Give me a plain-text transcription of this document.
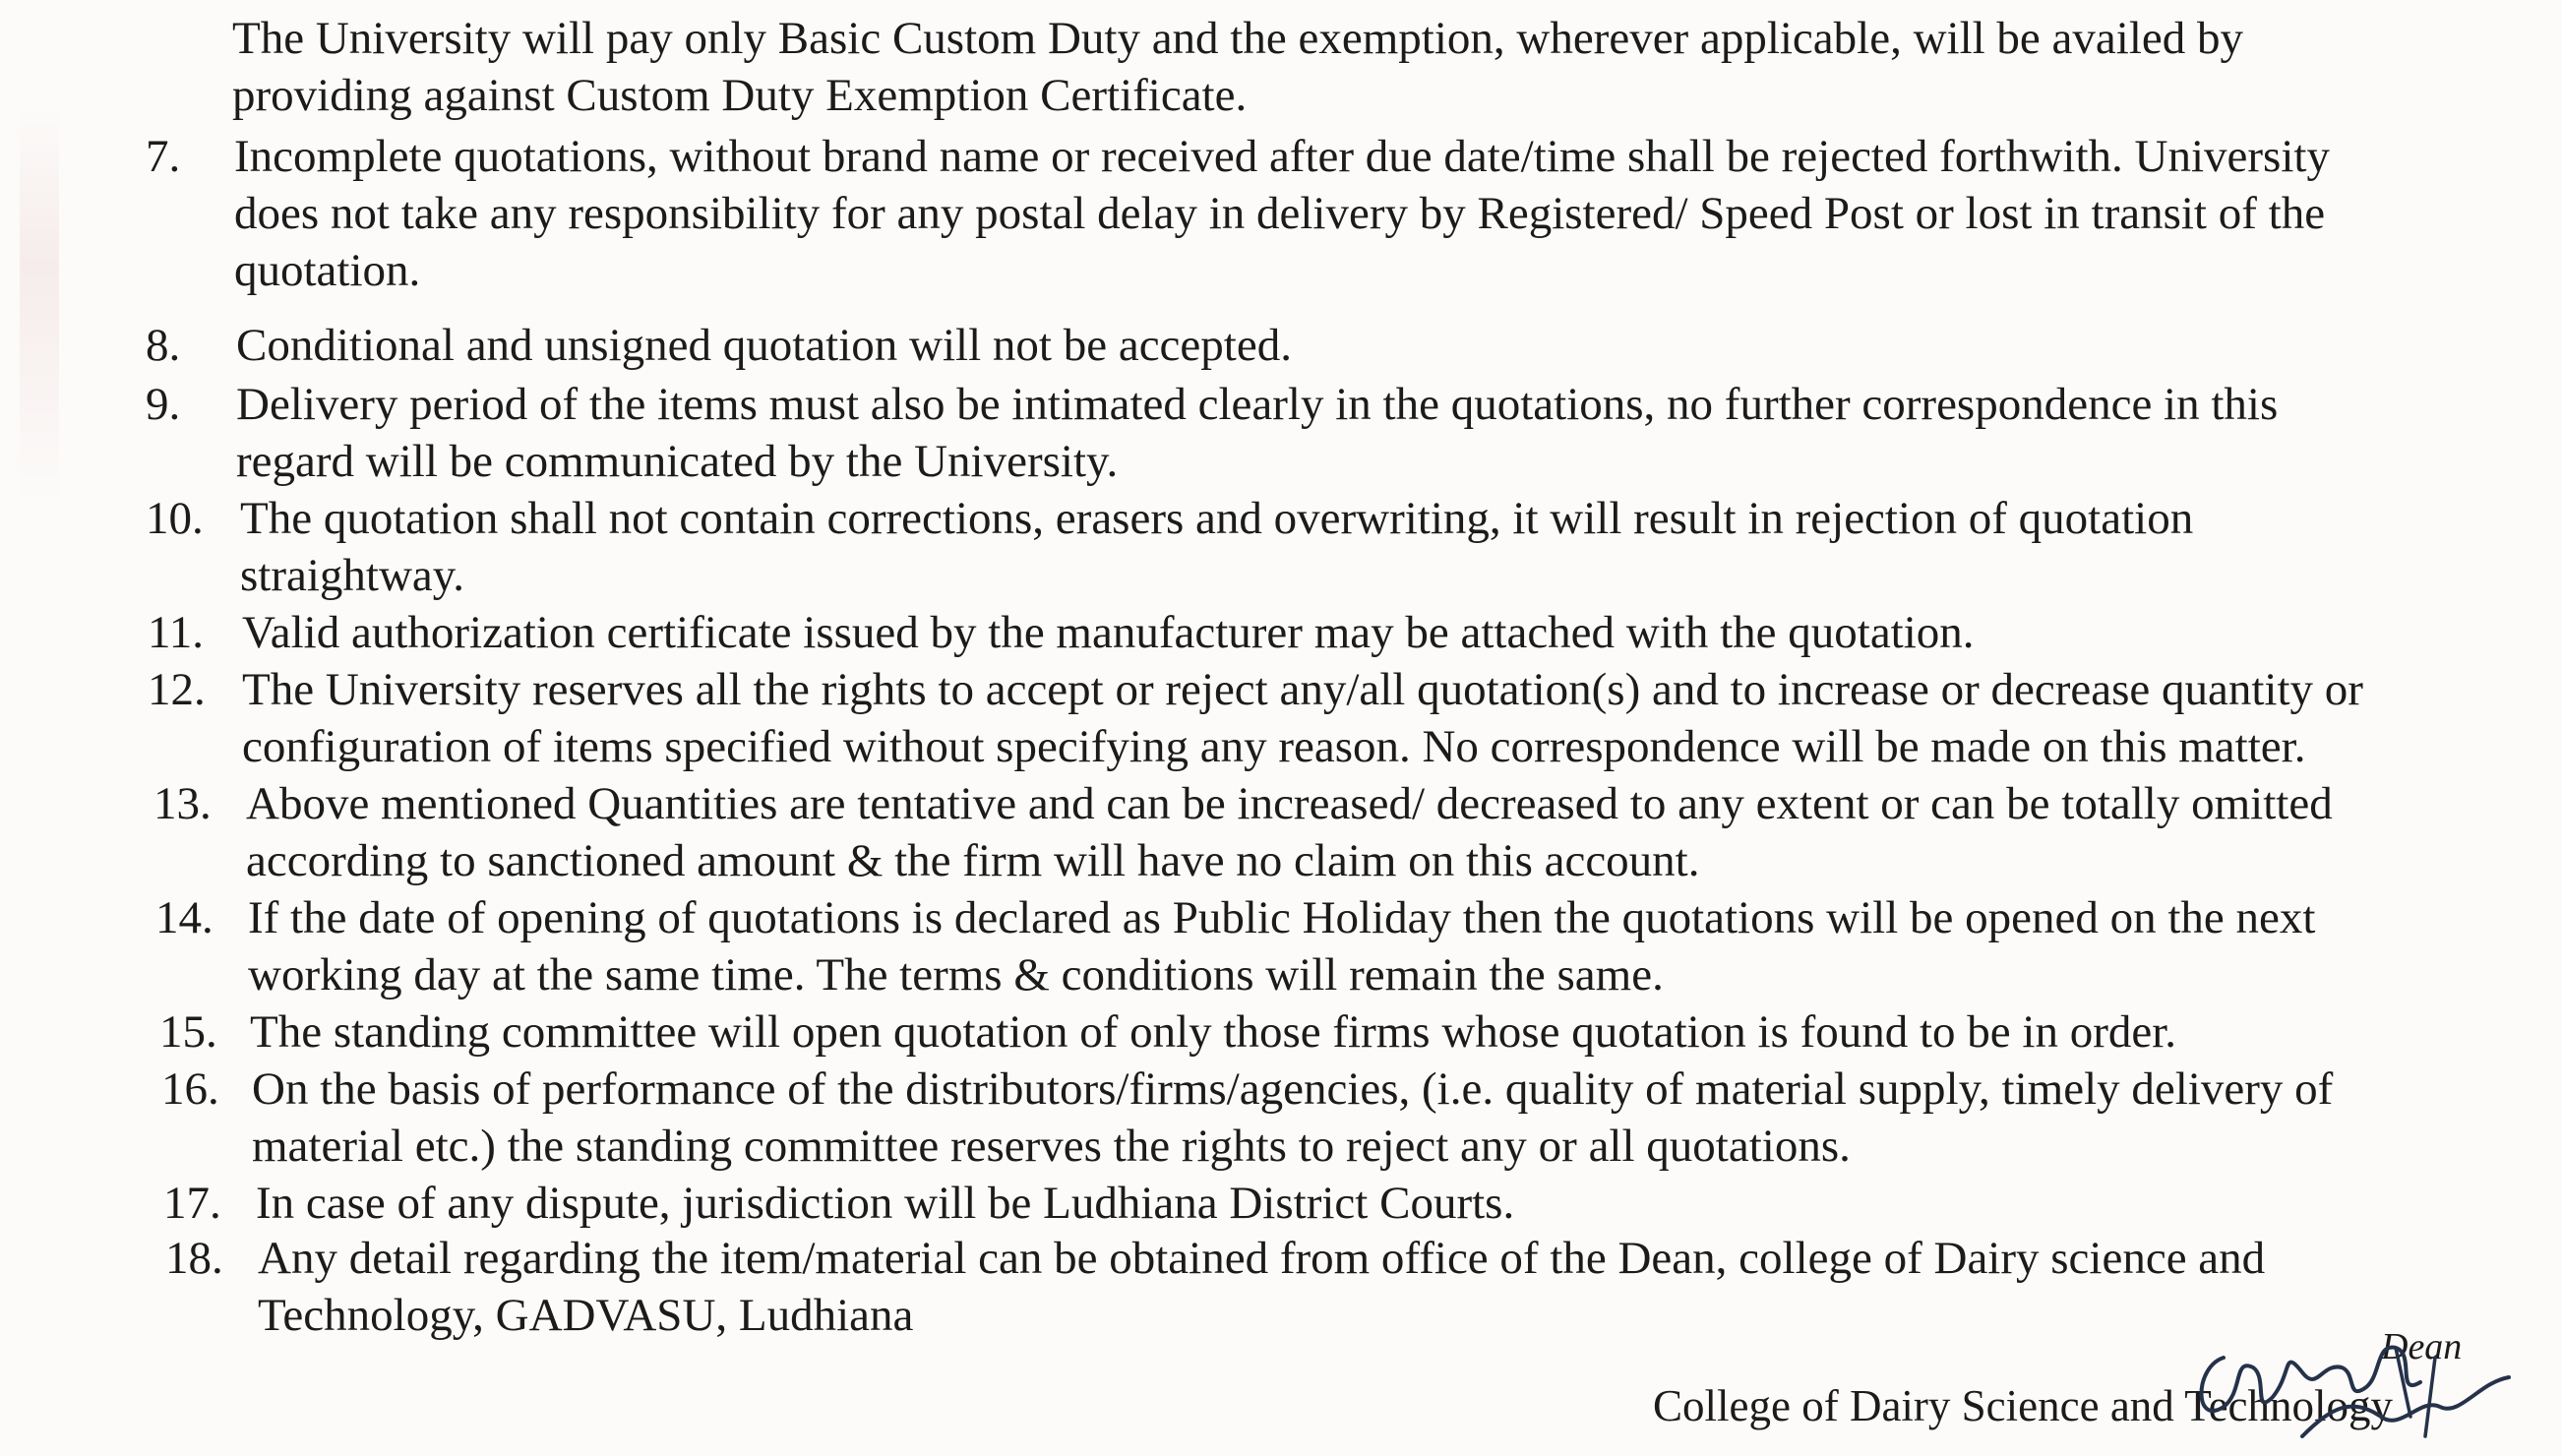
The University will pay only Basic Custom Duty and the exemption, wherever applicable, will be availed by
providing against Custom Duty Exemption Certificate.
7.	Incomplete quotations, without brand name or received after due date/time shall be rejected forthwith. University
does not take any responsibility for any postal delay in delivery by Registered/ Speed Post or lost in transit of the
quotation.
8.	Conditional and unsigned quotation will not be accepted.
9.	Delivery period of the items must also be intimated clearly in the quotations, no further correspondence in this
regard will be communicated by the University.
10. The quotation shall not contain corrections, erasers and overwriting, it will result in rejection of quotation
straightway.
11. Valid authorization certificate issued by the manufacturer may be attached with the quotation.
12. The University reserves all the rights to accept or reject any/all quotation(s) and to increase or decrease quantity or
configuration of items specified without specifying any reason. No correspondence will be made on this matter.
13. Above mentioned Quantities are tentative and can be increased/ decreased to any extent or can be totally omitted
according to sanctioned amount & the firm will have no claim on this account.
14. If the date of opening of quotations is declared as Public Holiday then the quotations will be opened on the next
working day at the same time. The terms & conditions will remain the same.
15. The standing committee will open quotation of only those firms whose quotation is found to be in order.
16. On the basis of performance of the distributors/firms/agencies, (i.e. quality of material supply, timely delivery of
material etc.) the standing committee reserves the rights to reject any or all quotations.
17. In case of any dispute, jurisdiction will be Ludhiana District Courts.
18. Any detail regarding the item/material can be obtained from office of the Dean, college of Dairy science and
Technology, GADVASU, Ludhiana
Dean
College of Dairy Science and Technology
